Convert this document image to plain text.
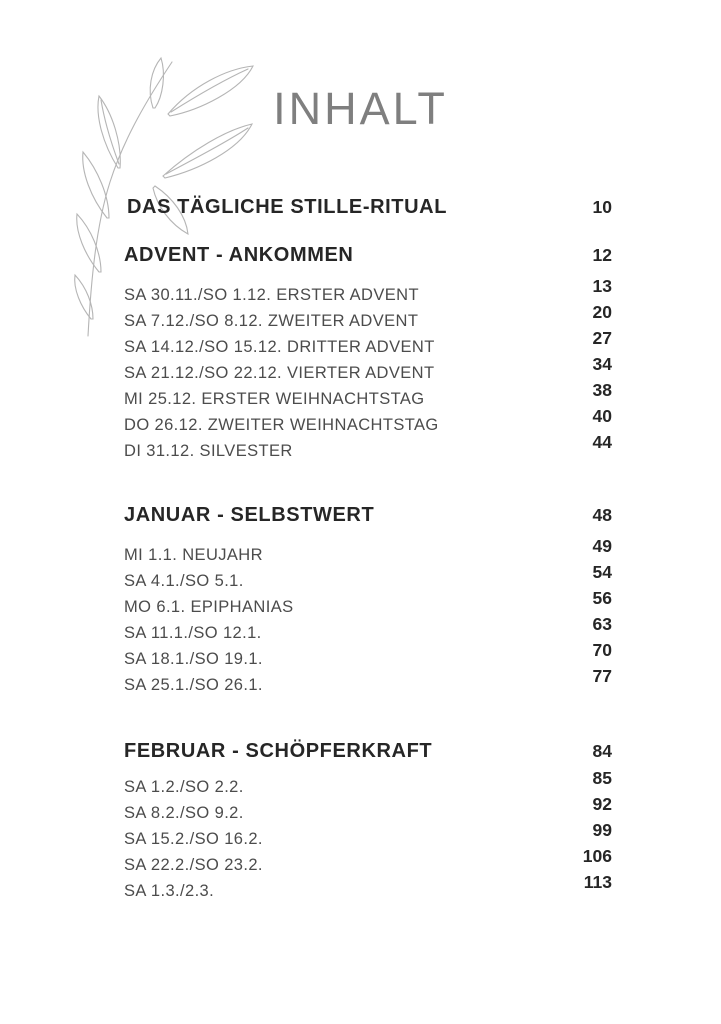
INHALT
DAS TÄGLICHE STILLE-RITUAL	10
ADVENT - ANKOMMEN	12
SA 30.11./SO 1.12. ERSTER ADVENT	13
SA 7.12./SO 8.12. ZWEITER ADVENT	20
SA 14.12./SO 15.12. DRITTER ADVENT	27
SA 21.12./SO 22.12. VIERTER ADVENT	34
MI 25.12. ERSTER WEIHNACHTSTAG	38
DO 26.12. ZWEITER WEIHNACHTSTAG	40
DI 31.12. SILVESTER	44
JANUAR - SELBSTWERT	48
MI 1.1. NEUJAHR	49
SA 4.1./SO 5.1.	54
MO 6.1. EPIPHANIAS	56
SA 11.1./SO 12.1.	63
SA 18.1./SO 19.1.	70
SA 25.1./SO 26.1.	77
FEBRUAR - SCHÖPFERKRAFT	84
SA 1.2./SO 2.2.	85
SA 8.2./SO 9.2.	92
SA 15.2./SO 16.2.	99
SA 22.2./SO 23.2.	106
SA 1.3./2.3.	113
